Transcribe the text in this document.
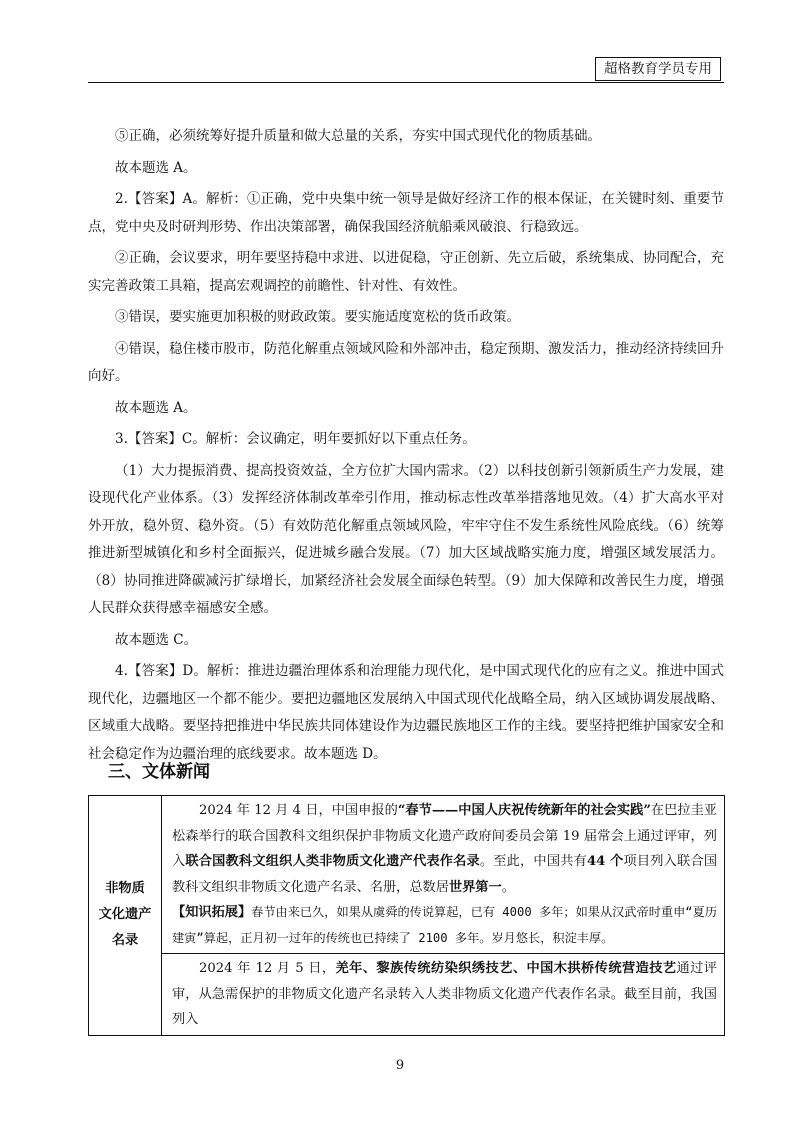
超格教育学员专用

⑤正确，必须统筹好提升质量和做大总量的关系，夯实中国式现代化的物质基础。

故本题选 A。

2.【答案】A。解析：①正确，党中央集中统一领导是做好经济工作的根本保证，在关键时刻、重要节点，党中央及时研判形势、作出决策部署，确保我国经济航船乘风破浪、行稳致远。

②正确，会议要求，明年要坚持稳中求进、以进促稳，守正创新、先立后破，系统集成、协同配合，充实完善政策工具箱，提高宏观调控的前瞻性、针对性、有效性。

③错误，要实施更加积极的财政政策。要实施适度宽松的货币政策。

④错误，稳住楼市股市，防范化解重点领域风险和外部冲击，稳定预期、激发活力，推动经济持续回升向好。

故本题选 A。

3.【答案】C。解析：会议确定，明年要抓好以下重点任务。

（1）大力提振消费、提高投资效益，全方位扩大国内需求。（2）以科技创新引领新质生产力发展，建设现代化产业体系。（3）发挥经济体制改革牵引作用，推动标志性改革举措落地见效。（4）扩大高水平对外开放，稳外贸、稳外资。（5）有效防范化解重点领域风险，牢牢守住不发生系统性风险底线。（6）统筹推进新型城镇化和乡村全面振兴，促进城乡融合发展。（7）加大区域战略实施力度，增强区域发展活力。（8）协同推进降碳减污扩绿增长，加紧经济社会发展全面绿色转型。（9）加大保障和改善民生力度，增强人民群众获得感幸福感安全感。

故本题选 C。

4.【答案】D。解析：推进边疆治理体系和治理能力现代化，是中国式现代化的应有之义。推进中国式现代化，边疆地区一个都不能少。要把边疆地区发展纳入中国式现代化战略全局，纳入区域协调发展战略、区域重大战略。要坚持把推进中华民族共同体建设作为边疆民族地区工作的主线。要坚持把维护国家安全和社会稳定作为边疆治理的底线要求。故本题选 D。

三、文体新闻
非物质
文化遗产
名录	

2024 年 12 月 4 日，中国申报的“春节——中国人庆祝传统新年的社会实践”在巴拉圭亚松森举行的联合国教科文组织保护非物质文化遗产政府间委员会第 19 届常会上通过评审，列入联合国教科文组织人类非物质文化遗产代表作名录。至此，中国共有44 个项目列入联合国教科文组织非物质文化遗产名录、名册，总数居世界第一。

【知识拓展】春节由来已久，如果从虞舜的传说算起，已有 4000 多年；如果从汉武帝时重申“夏历建寅”算起，正月初一过年的传统也已持续了 2100 多年。岁月悠长，积淀丰厚。

2024 年 12 月 5 日，羌年、黎族传统纺染织绣技艺、中国木拱桥传统营造技艺通过评审，从急需保护的非物质文化遗产名录转入人类非物质文化遗产代表作名录。截至目前，我国列入

9
